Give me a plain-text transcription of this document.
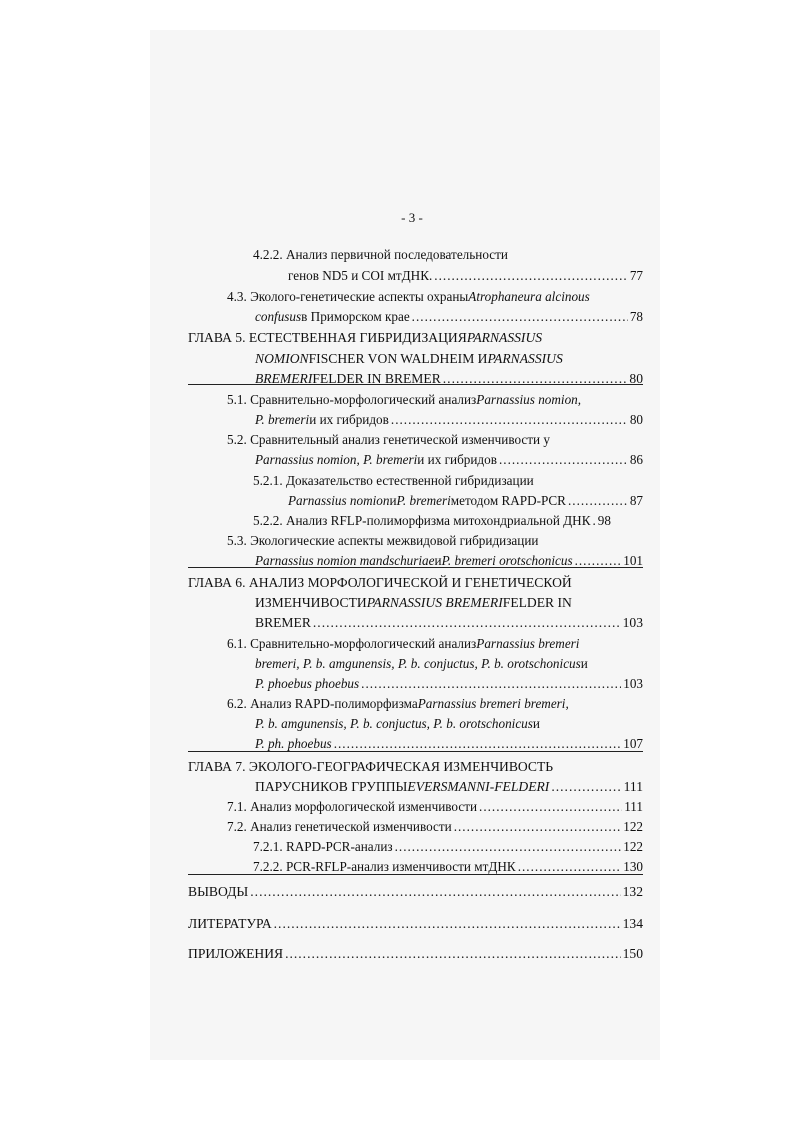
- 3 -
4.2.2. Анализ первичной последовательности
генов ND5 и COI мтДНК. .....	77
4.3. Эколого-генетические аспекты охраны Atrophaneura alcinous
confusus в Приморском крае .....	78
ГЛАВА 5. ЕСТЕСТВЕННАЯ ГИБРИДИЗАЦИЯ PARNASSIUS
NOMION FISCHER VON WALDHEIM И PARNASSIUS
BREMERI FELDER IN BREMER .....	80
5.1. Сравнительно-морфологический анализ Parnassius nomion,
P. bremeri и их гибридов .....	80
5.2. Сравнительный анализ генетической изменчивости у
Parnassius nomion, P. bremeri и их гибридов .....	86
5.2.1. Доказательство естественной гибридизации
Parnassius nomion и P. bremeri методом RAPD-PCR .....	87
5.2.2. Анализ RFLP-полиморфизма митохондриальной ДНК . 98
5.3. Экологические аспекты межвидовой гибридизации
Parnassius nomion mandschuriae и P. bremeri orotschonicus .....	101
ГЛАВА 6. АНАЛИЗ МОРФОЛОГИЧЕСКОЙ И ГЕНЕТИЧЕСКОЙ
ИЗМЕНЧИВОСТИ PARNASSIUS BREMERI FELDER IN
BREMER .....	103
6.1. Сравнительно-морфологический анализ Parnassius bremeri
bremeri, P. b. amgunensis, P. b. conjuctus, P. b. orotschonicus и
P. phoebus phoebus .....	103
6.2. Анализ RAPD-полиморфизма Parnassius bremeri bremeri,
P. b. amgunensis, P. b. conjuctus, P. b. orotschonicus и
P. ph. phoebus .....	107
ГЛАВА 7. ЭКОЛОГО-ГЕОГРАФИЧЕСКАЯ ИЗМЕНЧИВОСТЬ
ПАРУСНИКОВ ГРУППЫ EVERSMANNI-FELDERI .....	111
7.1. Анализ морфологической изменчивости .....	111
7.2. Анализ генетической изменчивости .....	122
7.2.1. RAPD-PCR-анализ .....	122
7.2.2. PCR-RFLP-анализ изменчивости мтДНК .....	130
ВЫВОДЫ .....	132
ЛИТЕРАТУРА .....	134
ПРИЛОЖЕНИЯ .....	150
